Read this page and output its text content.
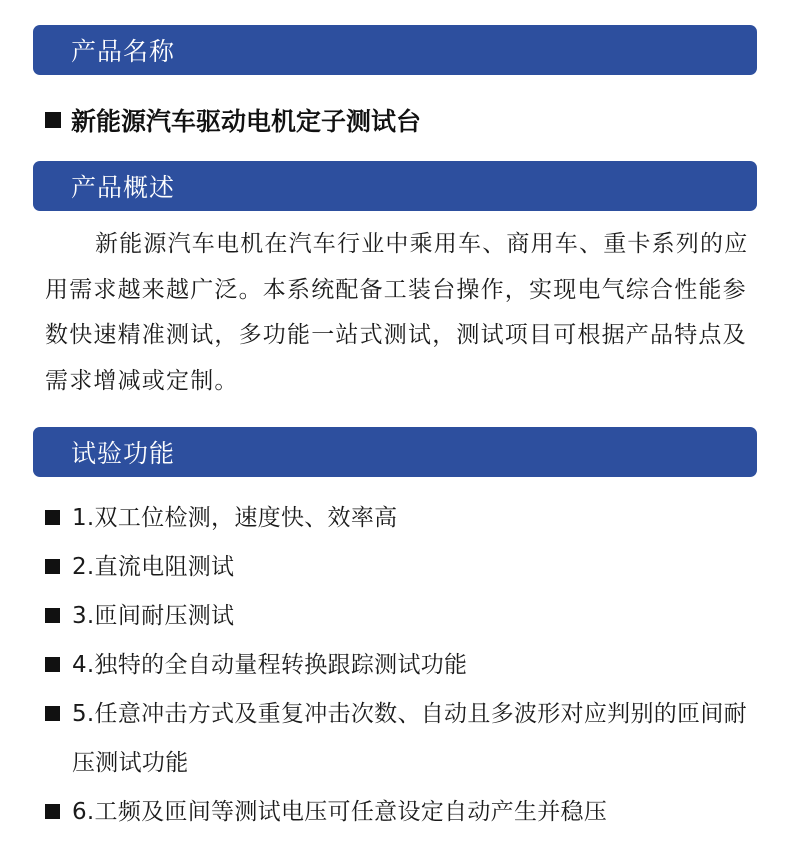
产品名称
新能源汽车驱动电机定子测试台
产品概述
新能源汽车电机在汽车行业中乘用车、商用车、重卡系列的应用需求越来越广泛。本系统配备工装台操作，实现电气综合性能参数快速精准测试，多功能一站式测试，测试项目可根据产品特点及需求增减或定制。
试验功能
1.双工位检测，速度快、效率高
2.直流电阻测试
3.匝间耐压测试
4.独特的全自动量程转换跟踪测试功能
5.任意冲击方式及重复冲击次数、自动且多波形对应判别的匝间耐压测试功能
6.工频及匝间等测试电压可任意设定自动产生并稳压
